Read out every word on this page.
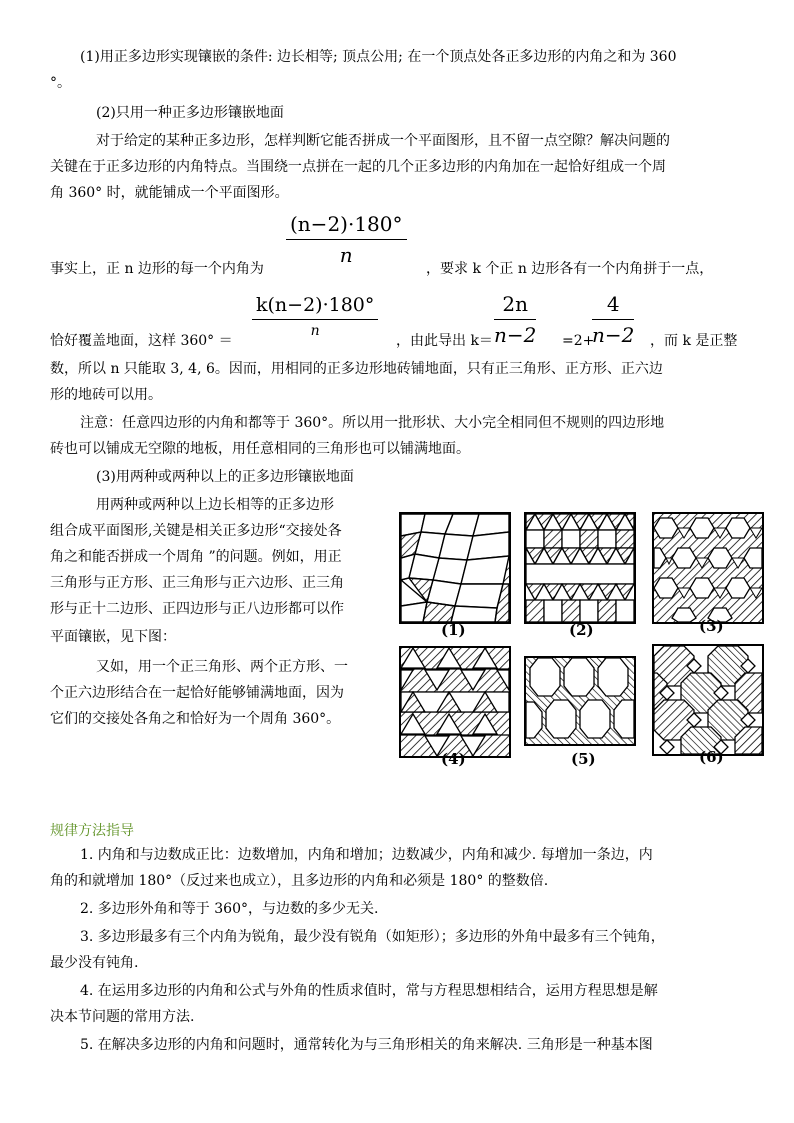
(1)用正多边形实现镶嵌的条件: 边长相等; 顶点公用; 在一个顶点处各正多边形的内角之和为 360
°。
(2)只用一种正多边形镶嵌地面
对于给定的某种正多边形，怎样判断它能否拼成一个平面图形，且不留一点空隙？解决问题的
关键在于正多边形的内角特点。当围绕一点拼在一起的几个正多边形的内角加在一起恰好组成一个周
角 360° 时，就能铺成一个平面图形。
$\frac{(n-2)\cdot 180^\circ}{n}$
事实上，正 n 边形的每一个内角为	，要求 k 个正 n 边形各有一个内角拼于一点，
$\frac{k(n-2)\cdot 180^\circ}{n}$
恰好覆盖地面，这样 360° ＝	，由此导出 $k= \frac{2n}{n-2} =2+$
$\frac{4}{n-2}$ ，而 k 是正整
数，所以 n 只能取 3, 4, 6。因而，用相同的正多边形地砖铺地面，只有正三角形、正方形、正六边
形的地砖可以用。
注意：任意四边形的内角和都等于 360°。所以用一批形状、大小完全相同但不规则的四边形地
砖也可以铺成无空隙的地板，用任意相同的三角形也可以铺满地面。
(3)用两种或两种以上的正多边形镶嵌地面
用两种或两种以上边长相等的正多边形
组合成平面图形,关键是相关正多边形“交接处各
角之和能否拼成一个周角 ”的问题。例如，用正
三角形与正方形、正三角形与正六边形、正三角
形与正十二边形、正四边形与正八边形都可以作
平面镶嵌，见下图：
又如，用一个正三角形、两个正方形、一
个正六边形结合在一起恰好能够铺满地面，因为
它们的交接处各角之和恰好为一个周角 360°。
(1)	(2)	(3)
(4)	(5)	(6)
规律方法指导
1. 内角和与边数成正比：边数增加，内角和增加；边数减少，内角和减少. 每增加一条边，内
角的和就增加 180°（反过来也成立），且多边形的内角和必须是 180° 的整数倍.
2. 多边形外角和等于 360°，与边数的多少无关.
3. 多边形最多有三个内角为锐角，最少没有锐角（如矩形）；多边形的外角中最多有三个钝角，
最少没有钝角.
4. 在运用多边形的内角和公式与外角的性质求值时，常与方程思想相结合，运用方程思想是解
决本节问题的常用方法.
5. 在解决多边形的内角和问题时，通常转化为与三角形相关的角来解决. 三角形是一种基本图
